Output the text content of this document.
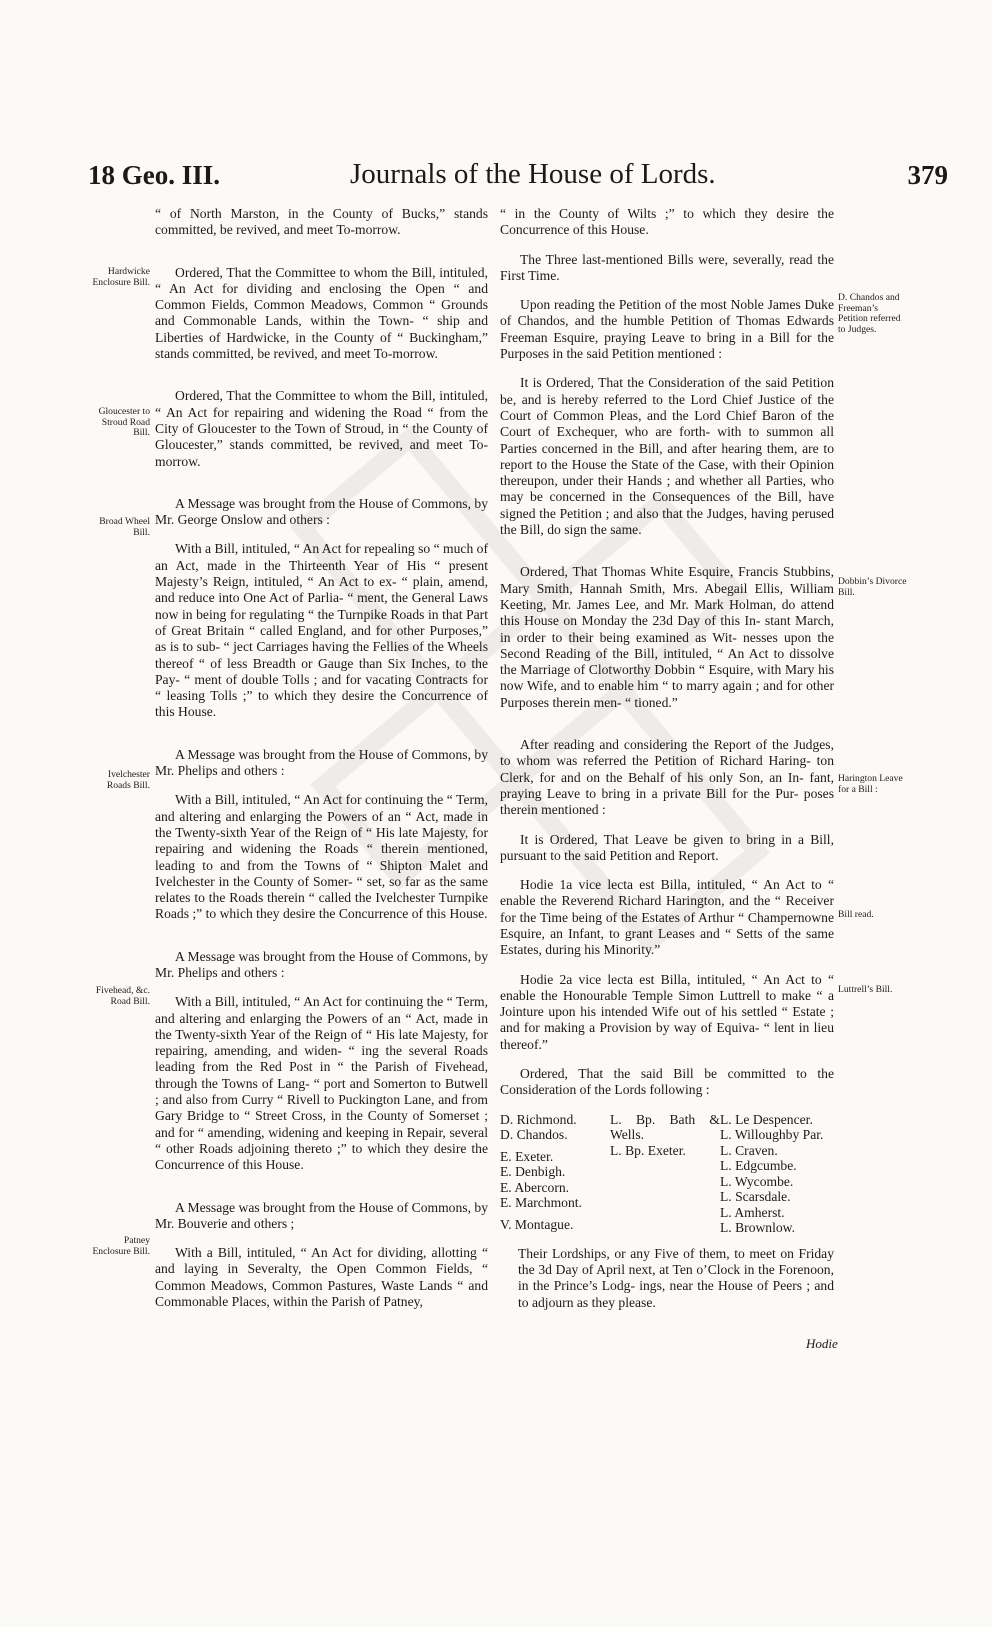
18 Geo. III.	Journals of the House of Lords.	379
Hardwicke Enclosure Bill.
Gloucester to Stroud Road Bill.
Broad Wheel Bill.
Ivelchester Roads Bill.
Fivehead, &c. Road Bill.
Patney Enclosure Bill.
D. Chandos and Freeman’s Petition referred to Judges.
Dobbin’s Divorce Bill.
Harington Leave for a Bill :
Bill read.
Luttrell’s Bill.

“ of North Marston, in the County of Bucks,” stands committed, be revived, and meet To-morrow.

Ordered, That the Committee to whom the Bill, intituled, “ An Act for dividing and enclosing the Open “ and Common Fields, Common Meadows, Common “ Grounds and Commonable Lands, within the Town- “ ship and Liberties of Hardwicke, in the County of “ Buckingham,” stands committed, be revived, and meet To-morrow.

Ordered, That the Committee to whom the Bill, intituled, “ An Act for repairing and widening the Road “ from the City of Gloucester to the Town of Stroud, in “ the County of Gloucester,” stands committed, be revived, and meet To-morrow.

A Message was brought from the House of Commons, by Mr. George Onslow and others :

With a Bill, intituled, “ An Act for repealing so “ much of an Act, made in the Thirteenth Year of His “ present Majesty’s Reign, intituled, “ An Act to ex- “ plain, amend, and reduce into One Act of Parlia- “ ment, the General Laws now in being for regulating “ the Turnpike Roads in that Part of Great Britain “ called England, and for other Purposes,” as is to sub- “ ject Carriages having the Fellies of the Wheels thereof “ of less Breadth or Gauge than Six Inches, to the Pay- “ ment of double Tolls ; and for vacating Contracts for “ leasing Tolls ;” to which they desire the Concurrence of this House.

A Message was brought from the House of Commons, by Mr. Phelips and others :

With a Bill, intituled, “ An Act for continuing the “ Term, and altering and enlarging the Powers of an “ Act, made in the Twenty-sixth Year of the Reign of “ His late Majesty, for repairing and widening the Roads “ therein mentioned, leading to and from the Towns of “ Shipton Malet and Ivelchester in the County of Somer- “ set, so far as the same relates to the Roads therein “ called the Ivelchester Turnpike Roads ;” to which they desire the Concurrence of this House.

A Message was brought from the House of Commons, by Mr. Phelips and others :

With a Bill, intituled, “ An Act for continuing the “ Term, and altering and enlarging the Powers of an “ Act, made in the Twenty-sixth Year of the Reign of “ His late Majesty, for repairing, amending, and widen- “ ing the several Roads leading from the Red Post in “ the Parish of Fivehead, through the Towns of Lang- “ port and Somerton to Butwell ; and also from Curry “ Rivell to Puckington Lane, and from Gary Bridge to “ Street Cross, in the County of Somerset ; and for “ amending, widening and keeping in Repair, several “ other Roads adjoining thereto ;” to which they desire the Concurrence of this House.

A Message was brought from the House of Commons, by Mr. Bouverie and others ;

With a Bill, intituled, “ An Act for dividing, allotting “ and laying in Severalty, the Open Common Fields, “ Common Meadows, Common Pastures, Waste Lands “ and Commonable Places, within the Parish of Patney,

“ in the County of Wilts ;” to which they desire the Concurrence of this House.

The Three last-mentioned Bills were, severally, read the First Time.

Upon reading the Petition of the most Noble James Duke of Chandos, and the humble Petition of Thomas Edwards Freeman Esquire, praying Leave to bring in a Bill for the Purposes in the said Petition mentioned :

It is Ordered, That the Consideration of the said Petition be, and is hereby referred to the Lord Chief Justice of the Court of Common Pleas, and the Lord Chief Baron of the Court of Exchequer, who are forth- with to summon all Parties concerned in the Bill, and after hearing them, are to report to the House the State of the Case, with their Opinion thereupon, under their Hands ; and whether all Parties, who may be concerned in the Consequences of the Bill, have signed the Petition ; and also that the Judges, having perused the Bill, do sign the same.

Ordered, That Thomas White Esquire, Francis Stubbins, Mary Smith, Hannah Smith, Mrs. Abegail Ellis, William Keeting, Mr. James Lee, and Mr. Mark Holman, do attend this House on Monday the 23d Day of this In- stant March, in order to their being examined as Wit- nesses upon the Second Reading of the Bill, intituled, “ An Act to dissolve the Marriage of Clotworthy Dobbin “ Esquire, with Mary his now Wife, and to enable him “ to marry again ; and for other Purposes therein men- “ tioned.”

After reading and considering the Report of the Judges, to whom was referred the Petition of Richard Haring- ton Clerk, for and on the Behalf of his only Son, an In- fant, praying Leave to bring in a private Bill for the Pur- poses therein mentioned :

It is Ordered, That Leave be given to bring in a Bill, pursuant to the said Petition and Report.

Hodie 1a vice lecta est Billa, intituled, “ An Act to “ enable the Reverend Richard Harington, and the “ Receiver for the Time being of the Estates of Arthur “ Champernowne Esquire, an Infant, to grant Leases and “ Setts of the same Estates, during his Minority.”

Hodie 2a vice lecta est Billa, intituled, “ An Act to “ enable the Honourable Temple Simon Luttrell to make “ a Jointure upon his intended Wife out of his settled “ Estate ; and for making a Provision by way of Equiva- “ lent in lieu thereof.”

Ordered, That the said Bill be committed to the Consideration of the Lords following :

D. Richmond.
D. Chandos.
E. Exeter.
E. Denbigh.
E. Abercorn.
E. Marchmont.
V. Montague.
L. Bp. Bath & Wells.
L. Bp. Exeter.
L. Le Despencer.
L. Willoughby Par.
L. Craven.
L. Edgcumbe.
L. Wycombe.
L. Scarsdale.
L. Amherst.
L. Brownlow.

Their Lordships, or any Five of them, to meet on Friday the 3d Day of April next, at Ten o’Clock in the Forenoon, in the Prince’s Lodg- ings, near the House of Peers ; and to adjourn as they please.

Hodie
